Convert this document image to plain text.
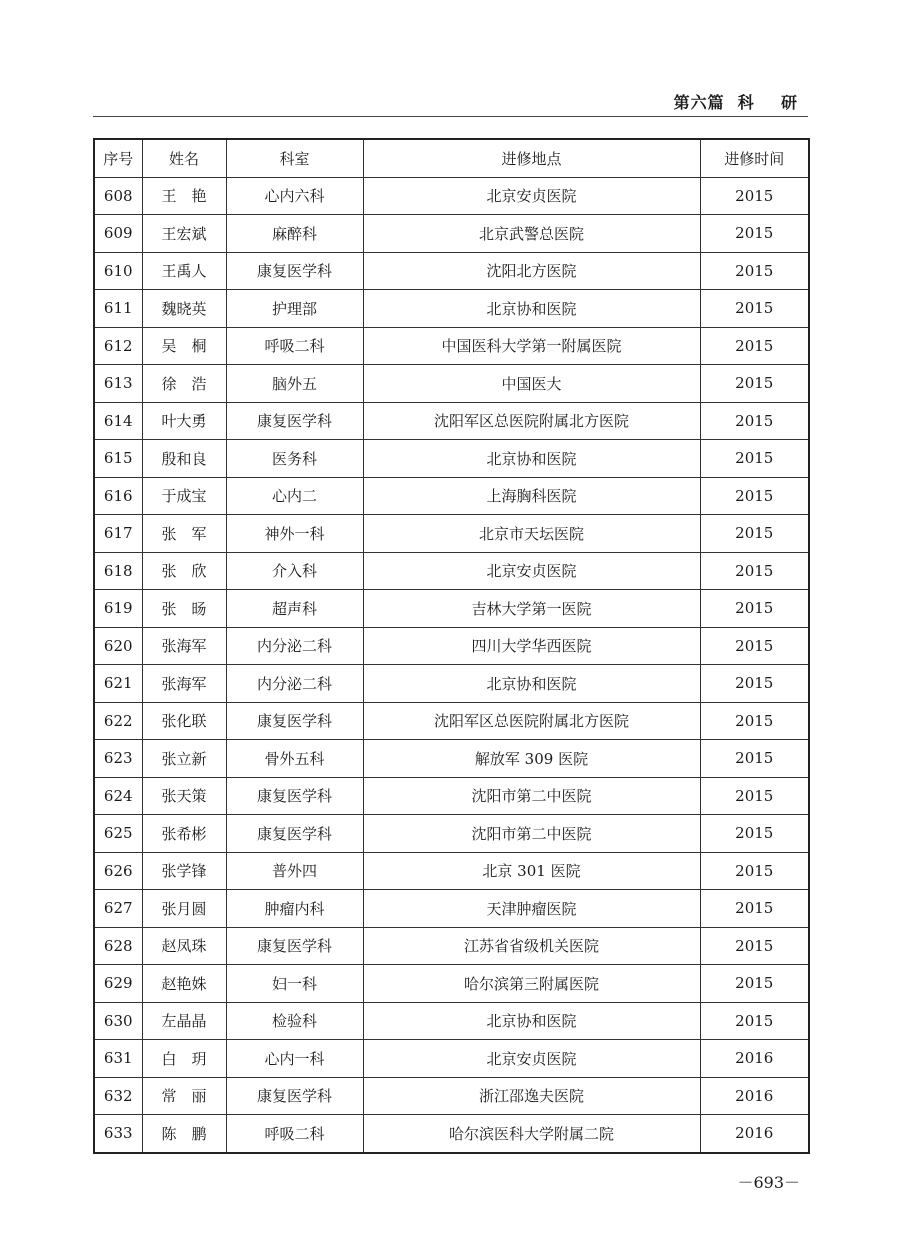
第六篇  科    研
序号	姓名	科室	进修地点	进修时间
608	王　艳	心内六科	北京安贞医院	2015
609	王宏斌	麻醉科	北京武警总医院	2015
610	王禹人	康复医学科	沈阳北方医院	2015
611	魏晓英	护理部	北京协和医院	2015
612	吴　桐	呼吸二科	中国医科大学第一附属医院	2015
613	徐　浩	脑外五	中国医大	2015
614	叶大勇	康复医学科	沈阳军区总医院附属北方医院	2015
615	殷和良	医务科	北京协和医院	2015
616	于成宝	心内二	上海胸科医院	2015
617	张　军	神外一科	北京市天坛医院	2015
618	张　欣	介入科	北京安贞医院	2015
619	张　旸	超声科	吉林大学第一医院	2015
620	张海军	内分泌二科	四川大学华西医院	2015
621	张海军	内分泌二科	北京协和医院	2015
622	张化联	康复医学科	沈阳军区总医院附属北方医院	2015
623	张立新	骨外五科	解放军 309 医院	2015
624	张天策	康复医学科	沈阳市第二中医院	2015
625	张希彬	康复医学科	沈阳市第二中医院	2015
626	张学锋	普外四	北京 301 医院	2015
627	张月圆	肿瘤内科	天津肿瘤医院	2015
628	赵凤珠	康复医学科	江苏省省级机关医院	2015
629	赵艳姝	妇一科	哈尔滨第三附属医院	2015
630	左晶晶	检验科	北京协和医院	2015
631	白　玥	心内一科	北京安贞医院	2016
632	常　丽	康复医学科	浙江邵逸夫医院	2016
633	陈　鹏	呼吸二科	哈尔滨医科大学附属二院	2016
－693－
